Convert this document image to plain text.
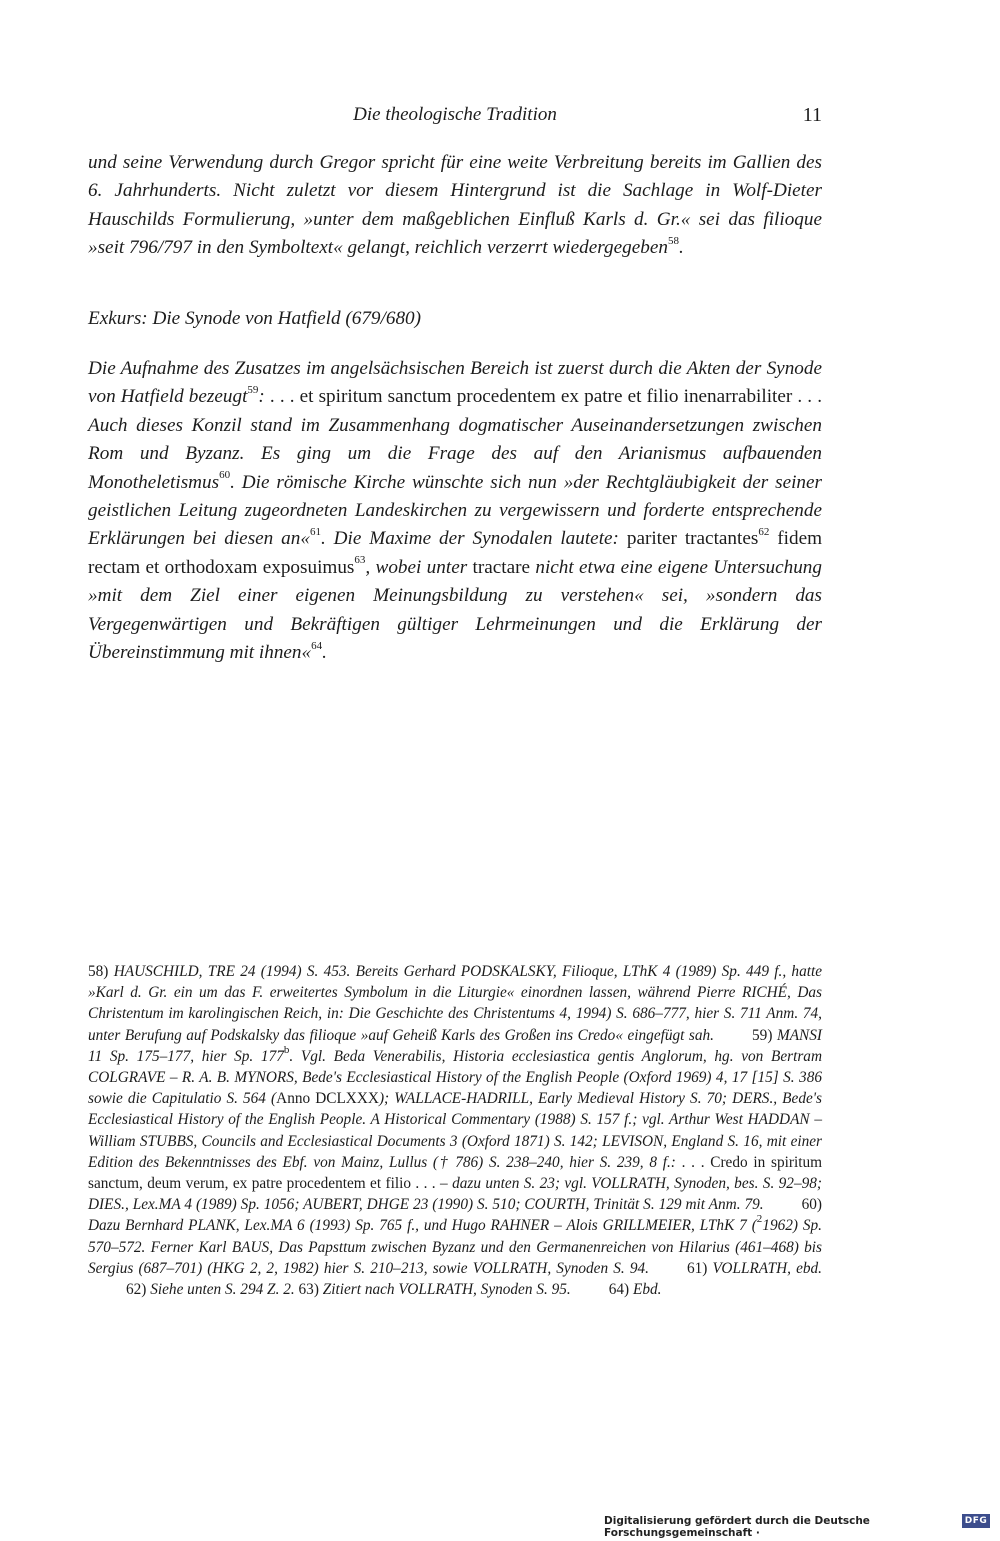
Die theologische Tradition	11
und seine Verwendung durch Gregor spricht für eine weite Verbreitung bereits im Gallien des 6. Jahrhunderts. Nicht zuletzt vor diesem Hintergrund ist die Sachlage in Wolf-Dieter Hauschilds Formulierung, »unter dem maßgeblichen Einfluß Karls d. Gr.« sei das filioque »seit 796/797 in den Symboltext« gelangt, reichlich verzerrt wiedergegeben$^{58}$.
Exkurs: Die Synode von Hatfield (679/680)
Die Aufnahme des Zusatzes im angelsächsischen Bereich ist zuerst durch die Akten der Synode von Hatfield bezeugt$^{59}$: . . . et spiritum sanctum procedentem ex patre et filio inenarrabiliter . . . Auch dieses Konzil stand im Zusammenhang dogmatischer Auseinandersetzungen zwischen Rom und Byzanz. Es ging um die Frage des auf den Arianismus aufbauenden Monotheletismus$^{60}$. Die römische Kirche wünschte sich nun »der Rechtgläubigkeit der seiner geistlichen Leitung zugeordneten Landeskirchen zu vergewissern und forderte entsprechende Erklärungen bei diesen an«$^{61}$. Die Maxime der Synodalen lautete: pariter tractantes$^{62}$ fidem rectam et orthodoxam exposuimus$^{63}$, wobei unter tractare nicht etwa eine eigene Untersuchung »mit dem Ziel einer eigenen Meinungsbildung zu verstehen« sei, »sondern das Vergegenwärtigen und Bekräftigen gültiger Lehrmeinungen und die Erklärung der Übereinstimmung mit ihnen«$^{64}$.
58) HAUSCHILD, TRE 24 (1994) S. 453. Bereits Gerhard PODSKALSKY, Filioque, LThK 4 (1989) Sp. 449 f., hatte »Karl d. Gr. ein um das F. erweitertes Symbolum in die Liturgie« einordnen lassen, während Pierre RICHÉ, Das Christentum im karolingischen Reich, in: Die Geschichte des Christentums 4, 1994) S. 686–777, hier S. 711 Anm. 74, unter Berufung auf Podskalsky das filioque »auf Geheiß Karls des Großen ins Credo« eingefügt sah. 59) MANSI 11 Sp. 175–177, hier Sp. 177$^b$. Vgl. Beda Venerabilis, Historia ecclesiastica gentis Anglorum, hg. von Bertram COLGRAVE – R. A. B. MYNORS, Bede's Ecclesiastical History of the English People (Oxford 1969) 4, 17 [15] S. 386 sowie die Capitulatio S. 564 (Anno DCLXXX); WALLACE-HADRILL, Early Medieval History S. 70; DERS., Bede's Ecclesiastical History of the English People. A Historical Commentary (1988) S. 157 f.; vgl. Arthur West HADDAN – William STUBBS, Councils and Ecclesiastical Documents 3 (Oxford 1871) S. 142; LEVISON, England S. 16, mit einer Edition des Bekenntnisses des Ebf. von Mainz, Lullus († 786) S. 238–240, hier S. 239, 8 f.: . . . Credo in spiritum sanctum, deum verum, ex patre procedentem et filio . . . – dazu unten S. 23; vgl. VOLLRATH, Synoden, bes. S. 92–98; DIES., Lex.MA 4 (1989) Sp. 1056; AUBERT, DHGE 23 (1990) S. 510; COURTH, Trinität S. 129 mit Anm. 79. 60) Dazu Bernhard PLANK, Lex.MA 6 (1993) Sp. 765 f., und Hugo RAHNER – Alois GRILLMEIER, LThK 7 ($^2$1962) Sp. 570–572. Ferner Karl BAUS, Das Papsttum zwischen Byzanz und den Germanenreichen von Hilarius (461–468) bis Sergius (687–701) (HKG 2, 2, 1982) hier S. 210–213, sowie VOLLRATH, Synoden S. 94. 61) VOLLRATH, ebd.62) Siehe unten S. 294 Z. 2. 63) Zitiert nach VOLLRATH, Synoden S. 95. 64) Ebd.
Digitalisierung gefördert durch die Deutsche Forschungsgemeinschaft ·
DFG
